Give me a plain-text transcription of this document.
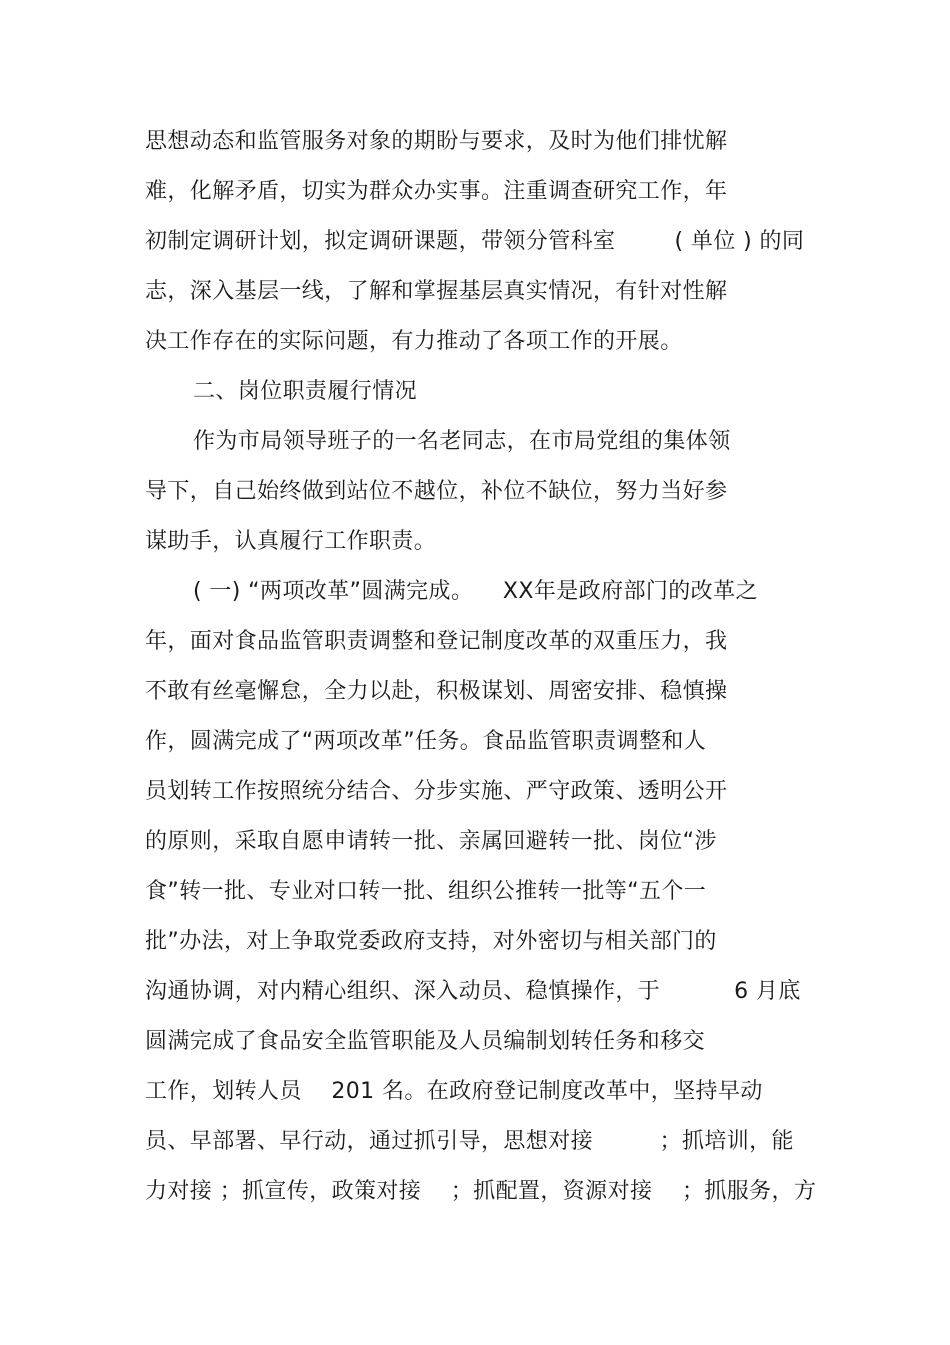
思想动态和监管服务对象的期盼与要求，及时为他们排忧解
难，化解矛盾，切实为群众办实事。注重调查研究工作，年
初制定调研计划，拟定调研课题，带领分管科室        ( 单位 ) 的同
志，深入基层一线，了解和掌握基层真实情况，有针对性解
决工作存在的实际问题，有力推动了各项工作的开展。
二、岗位职责履行情况
作为市局领导班子的一名老同志，在市局党组的集体领
导下，自己始终做到站位不越位，补位不缺位，努力当好参
谋助手，认真履行工作职责。
( 一) “两项改革”圆满完成。    XX年是政府部门的改革之
年，面对食品监管职责调整和登记制度改革的双重压力，我
不敢有丝毫懈怠，全力以赴，积极谋划、周密安排、稳慎操
作，圆满完成了“两项改革”任务。食品监管职责调整和人
员划转工作按照统分结合、分步实施、严守政策、透明公开
的原则，采取自愿申请转一批、亲属回避转一批、岗位“涉
食”转一批、专业对口转一批、组织公推转一批等“五个一
批”办法，对上争取党委政府支持，对外密切与相关部门的
沟通协调，对内精心组织、深入动员、稳慎操作，于          6 月底
圆满完成了食品安全监管职能及人员编制划转任务和移交
工作，划转人员    201 名。在政府登记制度改革中，坚持早动
员、早部署、早行动，通过抓引导，思想对接         ；抓培训，能
力对接 ；抓宣传，政策对接    ；抓配置，资源对接    ；抓服务，方
